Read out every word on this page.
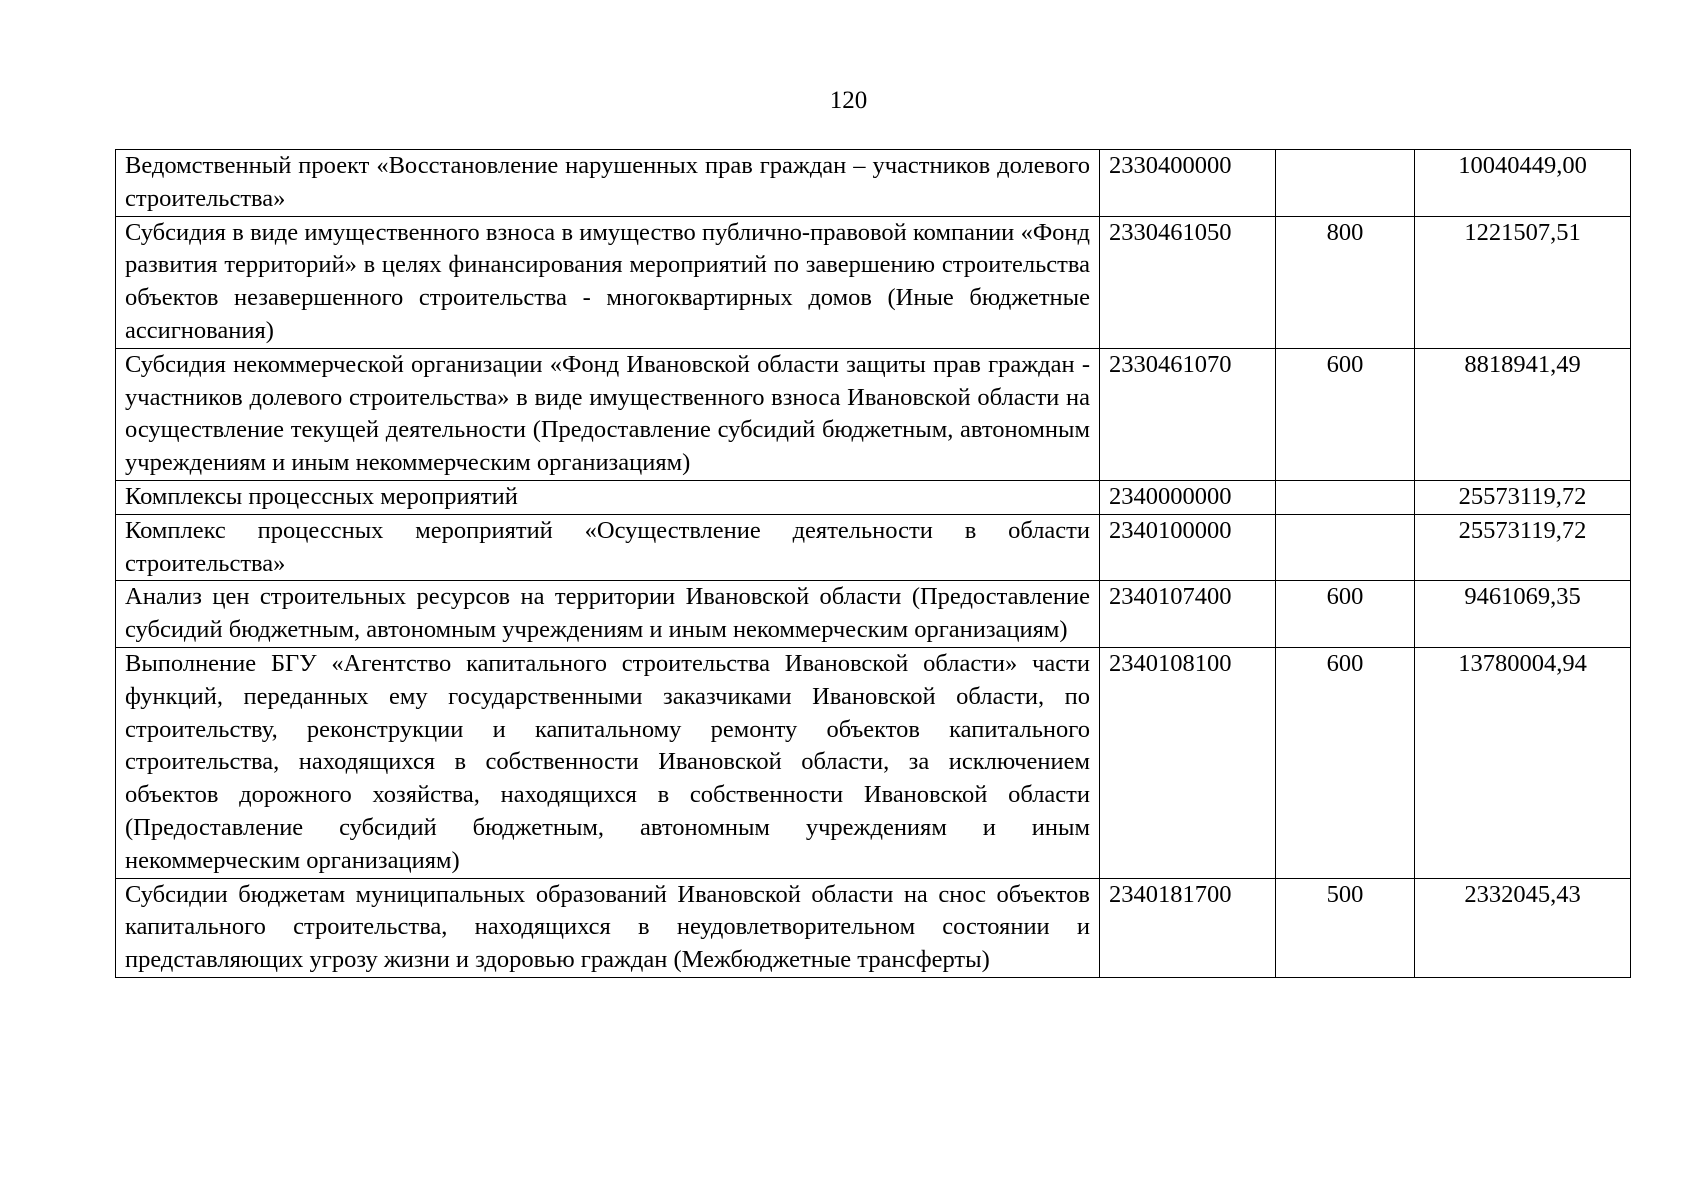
120
Ведомственный проект «Восстановление нарушенных прав граждан – участников долевого строительства»	2330400000		10040449,00
Субсидия в виде имущественного взноса в имущество публично-правовой компании «Фонд развития территорий» в целях финансирования мероприятий по завершению строительства объектов незавершенного строительства - многоквартирных домов (Иные бюджетные ассигнования)	2330461050	800	1221507,51
Субсидия некоммерческой организации «Фонд Ивановской области защиты прав граждан - участников долевого строительства» в виде имущественного взноса Ивановской области на осуществление текущей деятельности (Предоставление субсидий бюджетным, автономным учреждениям и иным некоммерческим организациям)	2330461070	600	8818941,49
Комплексы процессных мероприятий	2340000000		25573119,72
Комплекс процессных мероприятий «Осуществление деятельности в области строительства»	2340100000		25573119,72
Анализ цен строительных ресурсов на территории Ивановской области (Предоставление субсидий бюджетным, автономным учреждениям и иным некоммерческим организациям)	2340107400	600	9461069,35
Выполнение БГУ «Агентство капитального строительства Ивановской области» части функций, переданных ему государственными заказчиками Ивановской области, по строительству, реконструкции и капитальному ремонту объектов капитального строительства, находящихся в собственности Ивановской области, за исключением объектов дорожного хозяйства, находящихся в собственности Ивановской области (Предоставление субсидий бюджетным, автономным учреждениям и иным некоммерческим организациям)	2340108100	600	13780004,94
Субсидии бюджетам муниципальных образований Ивановской области на снос объектов капитального строительства, находящихся в неудовлетворительном состоянии и представляющих угрозу жизни и здоровью граждан (Межбюджетные трансферты)	2340181700	500	2332045,43
